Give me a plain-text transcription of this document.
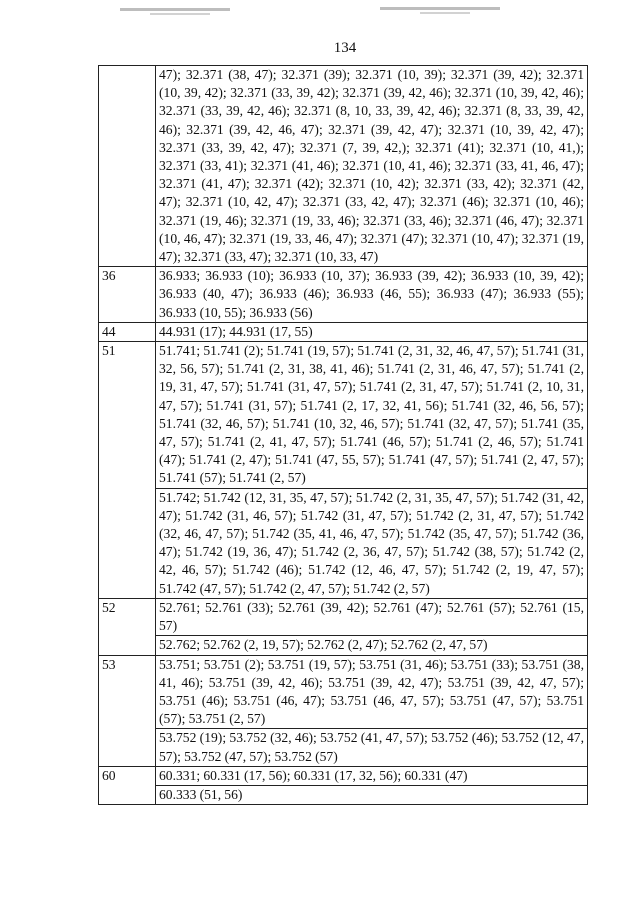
134
	47); 32.371 (38, 47); 32.371 (39); 32.371 (10, 39); 32.371 (39, 42); 32.371 (10, 39, 42); 32.371 (33, 39, 42); 32.371 (39, 42, 46); 32.371 (10, 39, 42, 46); 32.371 (33, 39, 42, 46); 32.371 (8, 10, 33, 39, 42, 46); 32.371 (8, 33, 39, 42, 46); 32.371 (39, 42, 46, 47); 32.371 (39, 42, 47); 32.371 (10, 39, 42, 47); 32.371 (33, 39, 42, 47); 32.371 (7, 39, 42,); 32.371 (41); 32.371 (10, 41,); 32.371 (33, 41); 32.371 (41, 46); 32.371 (10, 41, 46); 32.371 (33, 41, 46, 47); 32.371 (41, 47); 32.371 (42); 32.371 (10, 42); 32.371 (33, 42); 32.371 (42, 47); 32.371 (10, 42, 47); 32.371 (33, 42, 47); 32.371 (46); 32.371 (10, 46); 32.371 (19, 46); 32.371 (19, 33, 46); 32.371 (33, 46); 32.371 (46, 47); 32.371 (10, 46, 47); 32.371 (19, 33, 46, 47); 32.371 (47); 32.371 (10, 47); 32.371 (19, 47); 32.371 (33, 47); 32.371 (10, 33, 47)
36	36.933; 36.933 (10); 36.933 (10, 37); 36.933 (39, 42); 36.933 (10, 39, 42); 36.933 (40, 47); 36.933 (46); 36.933 (46, 55); 36.933 (47); 36.933 (55); 36.933 (10, 55); 36.933 (56)
44	44.931 (17); 44.931 (17, 55)
51	51.741; 51.741 (2); 51.741 (19, 57); 51.741 (2, 31, 32, 46, 47, 57); 51.741 (31, 32, 56, 57); 51.741 (2, 31, 38, 41, 46); 51.741 (2, 31, 46, 47, 57); 51.741 (2, 19, 31, 47, 57); 51.741 (31, 47, 57); 51.741 (2, 31, 47, 57); 51.741 (2, 10, 31, 47, 57); 51.741 (31, 57); 51.741 (2, 17, 32, 41, 56); 51.741 (32, 46, 56, 57); 51.741 (32, 46, 57); 51.741 (10, 32, 46, 57); 51.741 (32, 47, 57); 51.741 (35, 47, 57); 51.741 (2, 41, 47, 57); 51.741 (46, 57); 51.741 (2, 46, 57); 51.741 (47); 51.741 (2, 47); 51.741 (47, 55, 57); 51.741 (47, 57); 51.741 (2, 47, 57); 51.741 (57); 51.741 (2, 57)
	51.742; 51.742 (12, 31, 35, 47, 57); 51.742 (2, 31, 35, 47, 57); 51.742 (31, 42, 47); 51.742 (31, 46, 57); 51.742 (31, 47, 57); 51.742 (2, 31, 47, 57); 51.742 (32, 46, 47, 57); 51.742 (35, 41, 46, 47, 57); 51.742 (35, 47, 57); 51.742 (36, 47); 51.742 (19, 36, 47); 51.742 (2, 36, 47, 57); 51.742 (38, 57); 51.742 (2, 42, 46, 57); 51.742 (46); 51.742 (12, 46, 47, 57); 51.742 (2, 19, 47, 57); 51.742 (47, 57); 51.742 (2, 47, 57); 51.742 (2, 57)
52	52.761; 52.761 (33); 52.761 (39, 42); 52.761 (47); 52.761 (57); 52.761 (15, 57)
	52.762; 52.762 (2, 19, 57); 52.762 (2, 47); 52.762 (2, 47, 57)
53	53.751; 53.751 (2); 53.751 (19, 57); 53.751 (31, 46); 53.751 (33); 53.751 (38, 41, 46); 53.751 (39, 42, 46); 53.751 (39, 42, 47); 53.751 (39, 42, 47, 57); 53.751 (46); 53.751 (46, 47); 53.751 (46, 47, 57); 53.751 (47, 57); 53.751 (57); 53.751 (2, 57)
	53.752 (19); 53.752 (32, 46); 53.752 (41, 47, 57); 53.752 (46); 53.752 (12, 47, 57); 53.752 (47, 57); 53.752 (57)
60	60.331; 60.331 (17, 56); 60.331 (17, 32, 56); 60.331 (47)
	60.333 (51, 56)
